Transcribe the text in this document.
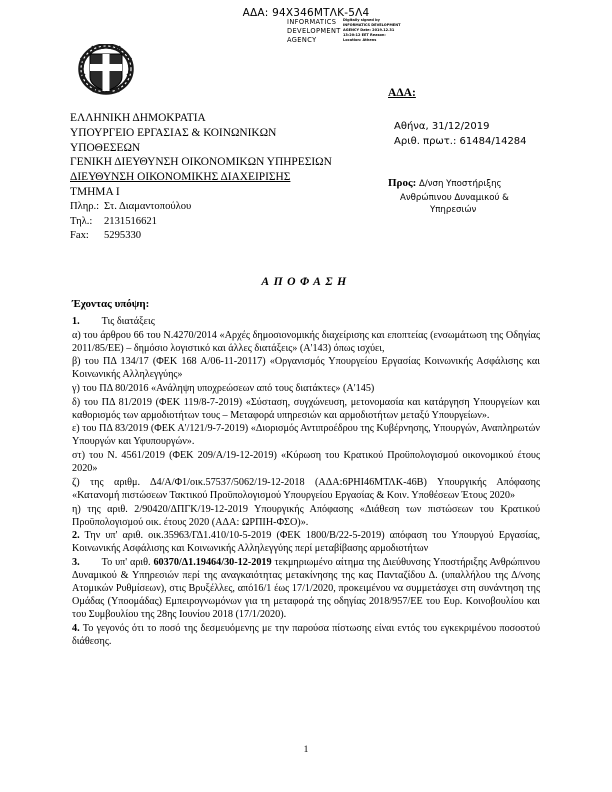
ΑΔΑ: 94Χ346ΜΤΛΚ-5Λ4
INFORMATICS DEVELOPMENT AGENCY
Digitally signed by INFORMATICS DEVELOPMENT AGENCY Date: 2019.12.31 13:20:12 EET Reason: Location: Athens
ΕΛΛΗΝΙΚΗ ΔΗΜΟΚΡΑΤΙΑ
ΥΠΟΥΡΓΕΙΟ ΕΡΓΑΣΙΑΣ & ΚΟΙΝΩΝΙΚΩΝ
ΥΠΟΘΕΣΕΩΝ
ΓΕΝΙΚΗ ΔΙΕΥΘΥΝΣΗ ΟΙΚΟΝΟΜΙΚΩΝ ΥΠΗΡΕΣΙΩΝ
ΔΙΕΥΘΥΝΣΗ ΟΙΚΟΝΟΜΙΚΗΣ ΔΙΑΧΕΙΡΙΣΗΣ
ΤΜΗΜΑ Ι
Πληρ.: Στ. Διαμαντοπούλου
Τηλ.: 2131516621
Fax: 5295330
ΑΔΑ:
Αθήνα, 31/12/2019
Αριθ. πρωτ.: 61484/14284
Προς: Δ/νση Υποστήριξης
Ανθρώπινου Δυναμικού &
Υπηρεσιών
ΑΠΟΦΑΣΗ
Έχοντας υπόψη:

1. Τις διατάξεις

α) του άρθρου 66 του Ν.4270/2014 «Αρχές δημοσιονομικής διαχείρισης και εποπτείας (ενσωμάτωση της Οδηγίας 2011/85/ΕΕ) – δημόσιο λογιστικό και άλλες διατάξεις» (Α'143) όπως ισχύει,

β) του ΠΔ 134/17 (ΦΕΚ 168 Α/06-11-20117) «Οργανισμός Υπουργείου Εργασίας Κοινωνικής Ασφάλισης και Κοινωνικής Αλληλεγγύης»

γ) του ΠΔ 80/2016 «Ανάληψη υποχρεώσεων από τους διατάκτες» (Α'145)

δ) του ΠΔ 81/2019 (ΦΕΚ 119/8-7-2019) «Σύσταση, συγχώνευση, μετονομασία και κατάργηση Υπουργείων και καθορισμός των αρμοδιοτήτων τους – Μεταφορά υπηρεσιών και αρμοδιοτήτων μεταξύ Υπουργείων».

ε) του ΠΔ 83/2019 (ΦΕΚ Α'/121/9-7-2019) «Διορισμός Αντιπροέδρου της Κυβέρνησης, Υπουργών, Αναπληρωτών Υπουργών και Υφυπουργών».

στ) του Ν. 4561/2019 (ΦΕΚ 209/Α/19-12-2019) «Κύρωση του Κρατικού Προϋπολογισμού οικονομικού έτους 2020»

ζ) της αριθμ. Δ4/Α/Φ1/οικ.57537/5062/19-12-2018 (ΑΔΑ:6ΡΗΙ46ΜΤΛΚ-46Β) Υπουργικής Απόφασης «Κατανομή πιστώσεων Τακτικού Προϋπολογισμού Υπουργείου Εργασίας & Κοιν. Υποθέσεων Έτους 2020»

η) της αριθ. 2/90420/ΔΠΓΚ/19-12-2019 Υπουργικής Απόφασης «Διάθεση των πιστώσεων του Κρατικού Προϋπολογισμού οικ. έτους 2020 (ΑΔΑ: ΩΡΠΙΗ-ΦΣΟ)».

2. Την υπ' αριθ. οικ.35963/ΓΔ1.410/10-5-2019 (ΦΕΚ 1800/Β/22-5-2019) απόφαση του Υπουργού Εργασίας, Κοινωνικής Ασφάλισης και Κοινωνικής Αλληλεγγύης περί μεταβίβασης αρμοδιοτήτων

3. Το υπ' αριθ. 60370/Δ1.19464/30-12-2019 τεκμηριωμένο αίτημα της Διεύθυνσης Υποστήριξης Ανθρώπινου Δυναμικού & Υπηρεσιών περί της αναγκαιότητας μετακίνησης της κας Πανταζίδου Δ. (υπαλλήλου της Δ/νσης Ατομικών Ρυθμίσεων), στις Βρυξέλλες, από16/1 έως 17/1/2020, προκειμένου να συμμετάσχει στη συνάντηση της Ομάδας (Υποομάδας) Εμπειρογνωμόνων για τη μεταφορά της οδηγίας 2018/957/ΕΕ του Ευρ. Κοινοβουλίου και του Συμβουλίου της 28ης Ιουνίου 2018 (17/1/2020).

4. Το γεγονός ότι το ποσό της δεσμευόμενης με την παρούσα πίστωσης είναι εντός του εγκεκριμένου ποσοστού διάθεσης.

1
